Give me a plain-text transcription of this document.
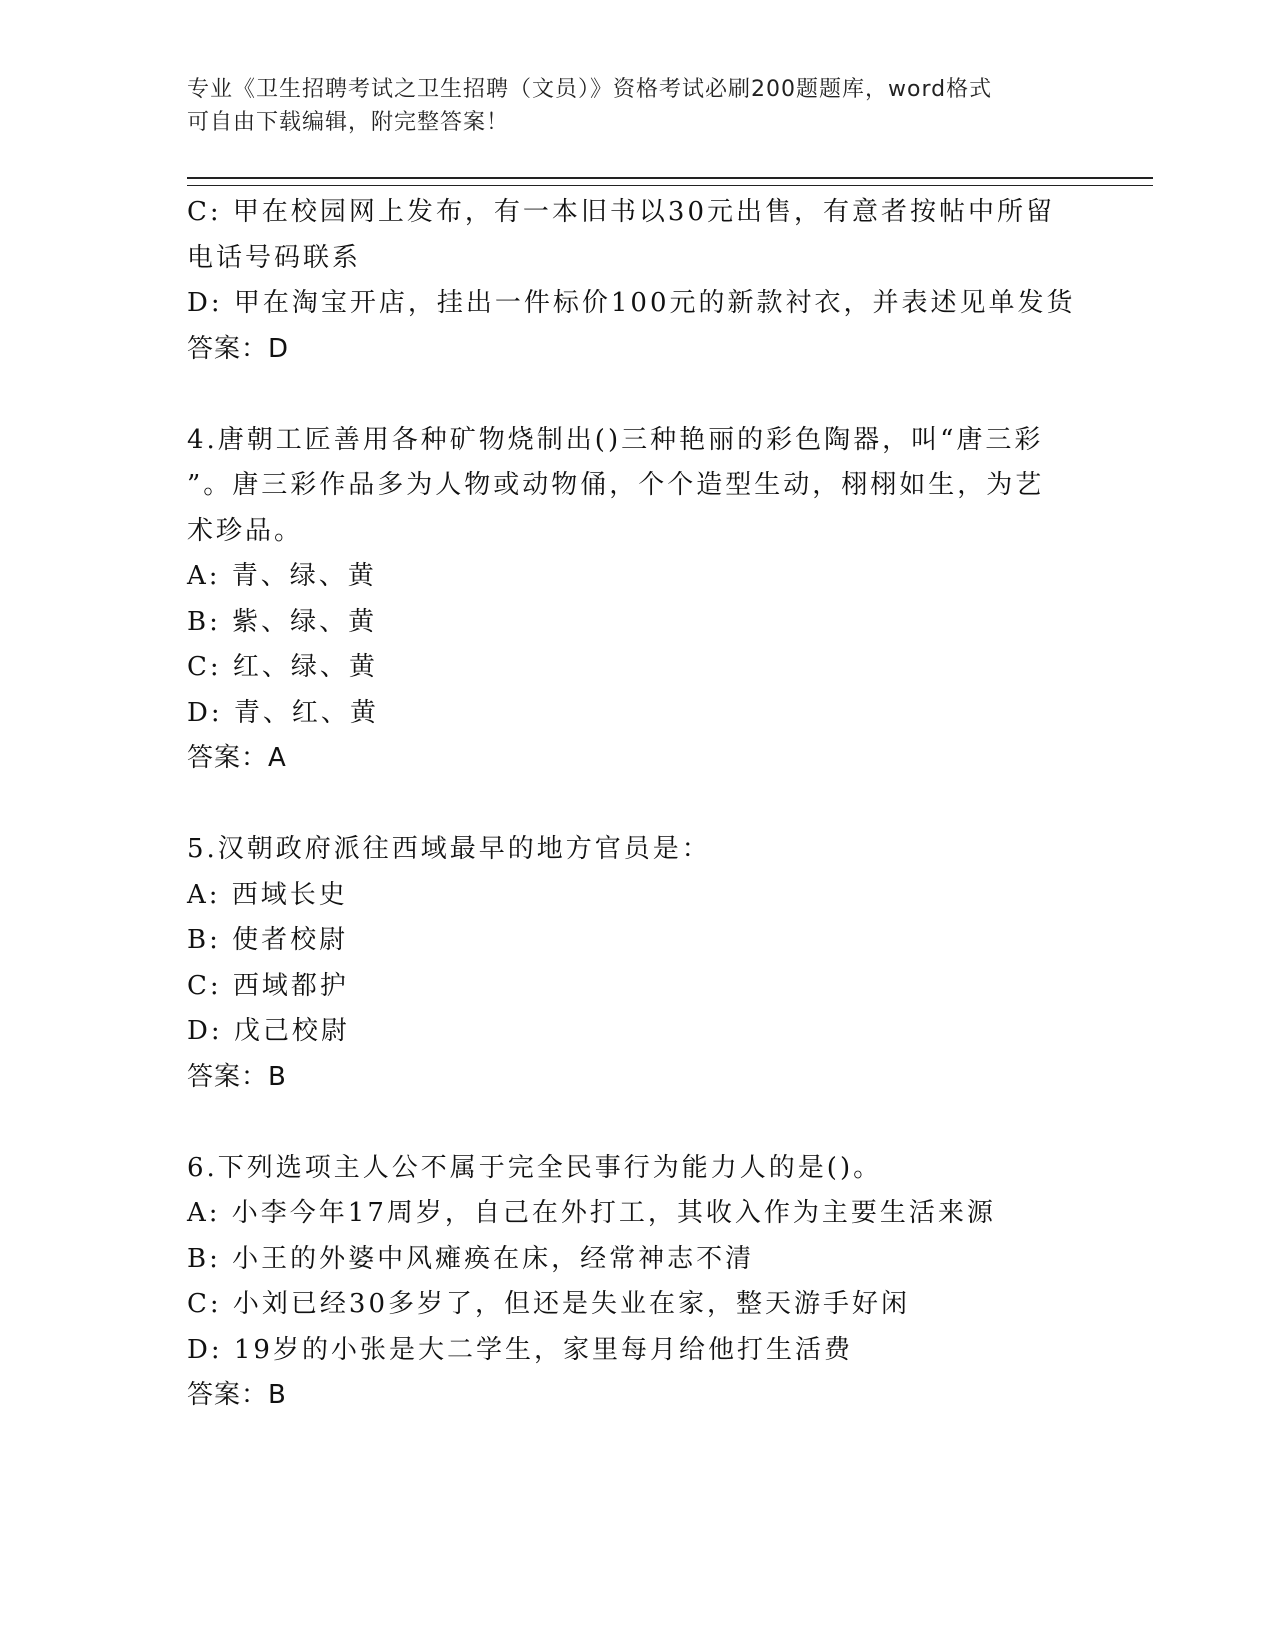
专业《卫生招聘考试之卫生招聘（文员）》资格考试必刷200题题库，word格式
可自由下载编辑，附完整答案！
C: 甲在校园网上发布，有一本旧书以30元出售，有意者按帖中所留
电话号码联系
D: 甲在淘宝开店，挂出一件标价100元的新款衬衣，并表述见单发货
答案：D
4.唐朝工匠善用各种矿物烧制出()三种艳丽的彩色陶器，叫“唐三彩
”。唐三彩作品多为人物或动物俑，个个造型生动，栩栩如生，为艺
术珍品。
A: 青、绿、黄
B: 紫、绿、黄
C: 红、绿、黄
D: 青、红、黄
答案：A
5.汉朝政府派往西域最早的地方官员是：
A: 西域长史
B: 使者校尉
C: 西域都护
D: 戊己校尉
答案：B
6.下列选项主人公不属于完全民事行为能力人的是()。
A: 小李今年17周岁，自己在外打工，其收入作为主要生活来源
B: 小王的外婆中风瘫痪在床，经常神志不清
C: 小刘已经30多岁了，但还是失业在家，整天游手好闲
D: 19岁的小张是大二学生，家里每月给他打生活费
答案：B
